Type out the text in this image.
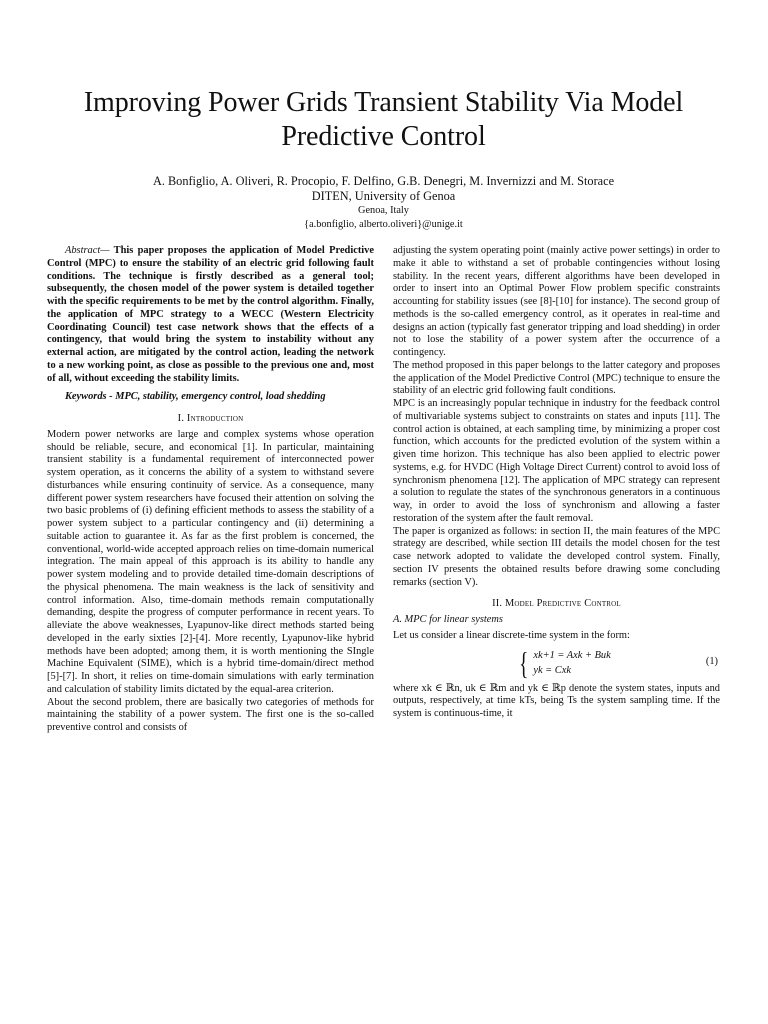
Improving Power Grids Transient Stability Via Model Predictive Control
A. Bonfiglio, A. Oliveri, R. Procopio, F. Delfino, G.B. Denegri, M. Invernizzi and M. Storace
DITEN, University of Genoa
Genoa, Italy
{a.bonfiglio, alberto.oliveri}@unige.it

Abstract— This paper proposes the application of Model Predictive Control (MPC) to ensure the stability of an electric grid following fault conditions. The technique is firstly described as a general tool; subsequently, the chosen model of the power system is detailed together with the specific requirements to be met by the control algorithm. Finally, the application of MPC strategy to a WECC (Western Electricity Coordinating Council) test case network shows that the effects of a contingency, that would bring the system to instability without any external action, are mitigated by the control action, leading the network to a new working point, as close as possible to the previous one and, most of all, without exceeding the stability limits.

Keywords - MPC, stability, emergency control, load shedding

I. Introduction

Modern power networks are large and complex systems whose operation should be reliable, secure, and economical [1]. In particular, maintaining transient stability is a fundamental requirement of interconnected power system operation, as it concerns the ability of a system to withstand severe disturbances while ensuring continuity of service. As a consequence, many different power system researchers have focused their attention on solving the two basic problems of (i) defining efficient methods to assess the stability of a power system subject to a particular contingency and (ii) determining a suitable action to guarantee it. As far as the first problem is concerned, the conventional, world-wide accepted approach relies on time-domain numerical integration. The main appeal of this approach is its ability to handle any power system modeling and to provide detailed time-domain descriptions of the physical phenomena. The main weakness is the lack of sensitivity and control information. Also, time-domain methods remain computationally demanding, despite the progress of computer performance in recent years. To alleviate the above weaknesses, Lyapunov-like direct methods started being developed in the early sixties [2]-[4]. More recently, Lyapunov-like hybrid methods have been adopted; among them, it is worth mentioning the SIngle Machine Equivalent (SIME), which is a hybrid time-domain/direct method [5]-[7]. In short, it relies on time-domain simulations with early termination and calculation of stability limits dictated by the equal-area criterion.

About the second problem, there are basically two categories of methods for maintaining the stability of a power system. The first one is the so-called preventive control and consists of

adjusting the system operating point (mainly active power settings) in order to make it able to withstand a set of probable contingencies without losing stability. In the recent years, different algorithms have been developed in order to insert into an Optimal Power Flow problem specific constraints accounting for stability issues (see [8]-[10] for instance). The second group of methods is the so-called emergency control, as it operates in real-time and designs an action (typically fast generator tripping and load shedding) in order not to lose the stability of a power system after the occurrence of a contingency.

The method proposed in this paper belongs to the latter category and proposes the application of the Model Predictive Control (MPC) technique to ensure the stability of an electric grid following fault conditions.

MPC is an increasingly popular technique in industry for the feedback control of multivariable systems subject to constraints on states and inputs [11]. The control action is obtained, at each sampling time, by minimizing a proper cost function, which accounts for the predicted evolution of the system within a given time horizon. This technique has also been applied to electric power systems, e.g. for HVDC (High Voltage Direct Current) control to avoid loss of synchronism phenomena [12]. The application of MPC strategy can represent a solution to regulate the states of the synchronous generators in a continuous way, in order to avoid the loss of synchronism and allowing a faster restoration of the system after the fault removal.

The paper is organized as follows: in section II, the main features of the MPC strategy are described, while section III details the model chosen for the test case network adopted to validate the developed control system. Finally, section IV presents the obtained results before drawing some concluding remarks (section V).

II. Model Predictive Control
A. MPC for linear systems

Let us consider a linear discrete-time system in the form:

{ xk+1 = Axk + Buk
yk = Cxk
(1)

where xk ∈ ℝn, uk ∈ ℝm and yk ∈ ℝp denote the system states, inputs and outputs, respectively, at time kTs, being Ts the system sampling time. If the system is continuous-time, it
